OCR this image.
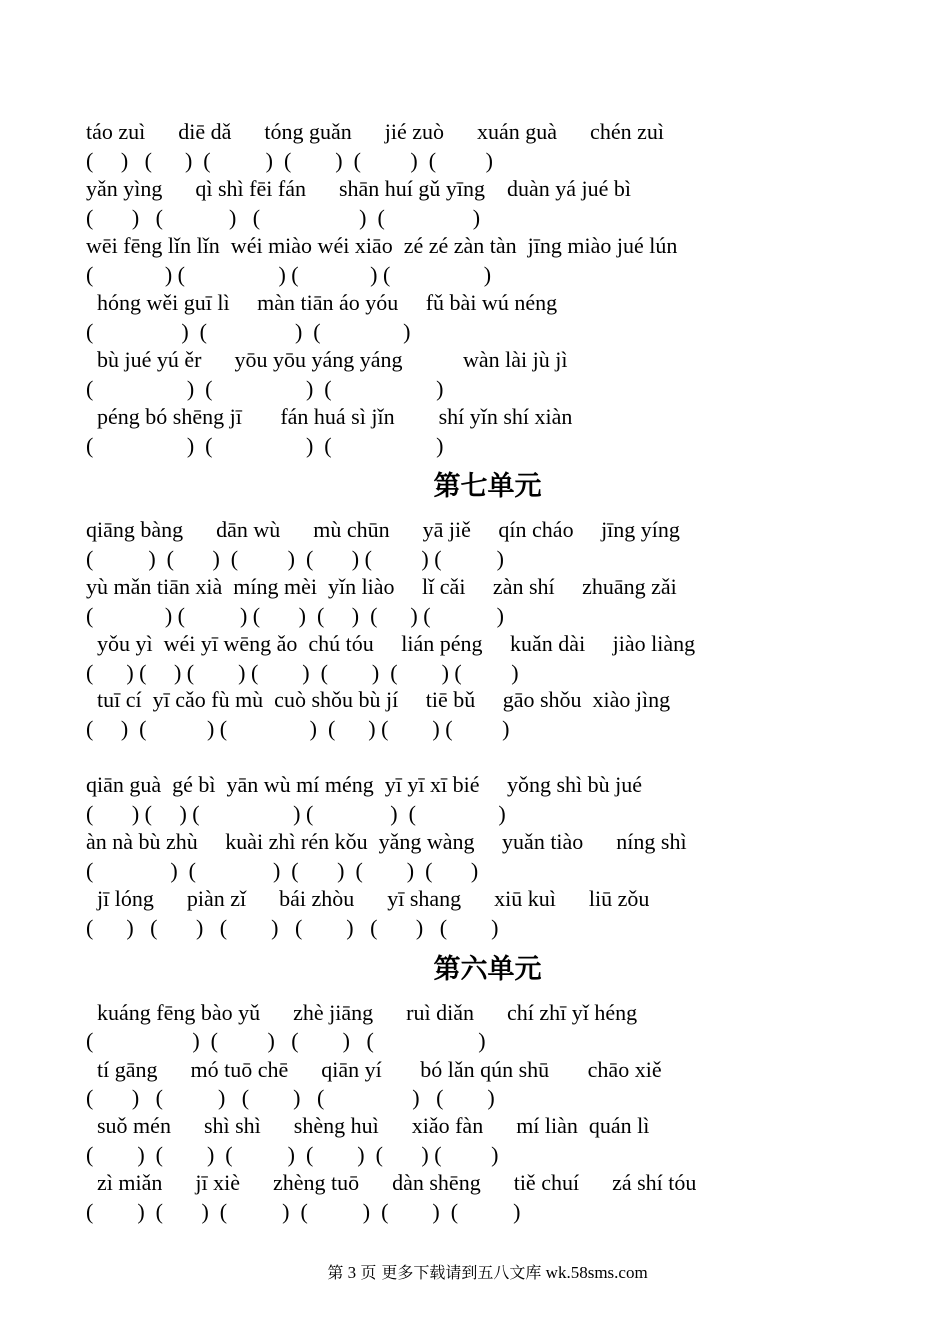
táo zuì      diē dǎ      tóng guǎn      jié zuò      xuán guà      chén zuì
(     )   (      )  (          )  (        )  (         )  (         )
yǎn yìng      qì shì fēi fán      shān huí gǔ yīng    duàn yá jué bì
(       )   (            )   (                  )  (                )
wēi fēng lǐn lǐn  wéi miào wéi xiāo  zé zé zàn tàn  jīng miào jué lún
(             ) (                 ) (             ) (                 )
hóng wěi guī lì     màn tiān áo yóu     fǔ bài wú néng
(                )  (                )  (               )
bù jué yú ěr      yōu yōu yáng yáng           wàn lài jù jì
(                 )  (                 )  (                   )
péng bó shēng jī       fán huá sì jǐn        shí yǐn shí xiàn
(                 )  (                 )  (                   )
第七单元
qiāng bàng      dān wù      mù chūn      yā jiě     qín cháo     jīng yíng
(          )  (       )  (         )  (       ) (         ) (          )
yù mǎn tiān xià  míng mèi  yǐn liào     lǐ cǎi     zàn shí     zhuāng zǎi
(             ) (          ) (       )  (     )  (      ) (            )
yǒu yì  wéi yī wēng ǎo  chú tóu     lián péng     kuǎn dài     jiào liàng
(      ) (     ) (        ) (        )  (        )  (        ) (         )
tuī cí  yī cǎo fù mù  cuò shǒu bù jí     tiē bǔ     gāo shǒu  xiào jìng
(     )  (           ) (               )  (      ) (        ) (         )
qiān guà  gé bì  yān wù mí méng  yī yī xī bié     yǒng shì bù jué
(       ) (     ) (                 ) (              )  (               )
àn nà bù zhù     kuài zhì rén kǒu  yǎng wàng     yuǎn tiào      níng shì
(              )  (              )  (       )  (        )  (       )
jī lóng      piàn zǐ      bái zhòu      yī shang      xiū kuì      liū zǒu
(      )   (       )   (        )   (        )   (       )   (        )
第六单元
kuáng fēng bào yǔ      zhè jiāng      ruì diǎn      chí zhī yǐ héng
(                  )  (         )   (        )   (                   )
tí gāng      mó tuō chē      qiān yí       bó lǎn qún shū       chāo xiě
(       )   (          )   (        )   (                )   (        )
suǒ mén      shì shì      shèng huì      xiǎo fàn      mí liàn  quán lì
(        )  (        )  (          )  (        )  (       ) (         )
zì miǎn      jī xiè      zhèng tuō      dàn shēng      tiě chuí      zá shí tóu
(        )  (       )  (          )  (          )  (        )  (          )
第 3 页 更多下载请到五八文库 wk.58sms.com
